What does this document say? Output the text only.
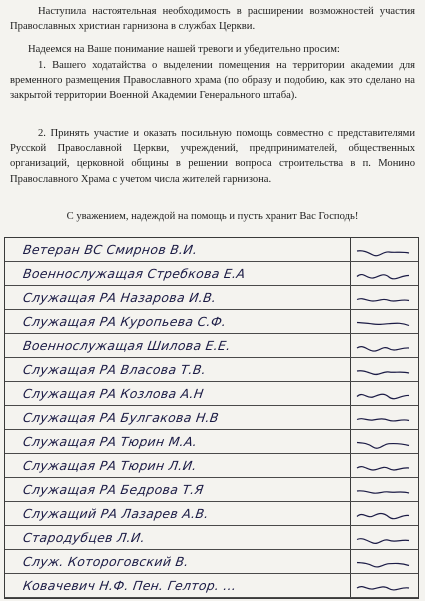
Наступила настоятельная необходимость в расширении возможностей участия Православных христиан гарнизона в службах Церкви.

Надеемся на Ваше понимание нашей тревоги и убедительно просим:

1. Вашего ходатайства о выделении помещения на территории академии для временного размещения Православного храма (по образу и подобию, как это сделано на закрытой территории Военной Академии Генерального штаба).

2. Принять участие и оказать посильную помощь совместно с представителями Русской Православной Церкви, учреждений, предпринимателей, общественных организаций, церковной общины в решении вопроса строительства в п. Монино Православного Храма с учетом числа жителей гарнизона.

С уважением, надеждой на помощь и пусть хранит Вас Господь!
Ветеран ВС Смирнов В.И.
Военнослужащая Стребкова Е.А
Служащая РА Назарова И.В.
Служащая РА Куропьева С.Ф.
Военнослужащая Шилова Е.Е.
Служащая РА Власова Т.В.
Служащая РА Козлова А.Н
Служащая РА Булгакова Н.В
Служащая РА Тюрин М.А.
Служащая РА Тюрин Л.И.
Служащая РА Бедрова Т.Я
Служащий РА Лазарев А.В.
Стародубцев Л.И.
Служ. Котороговский В.
Ковачевич Н.Ф. Пен. Гелтор. ...
